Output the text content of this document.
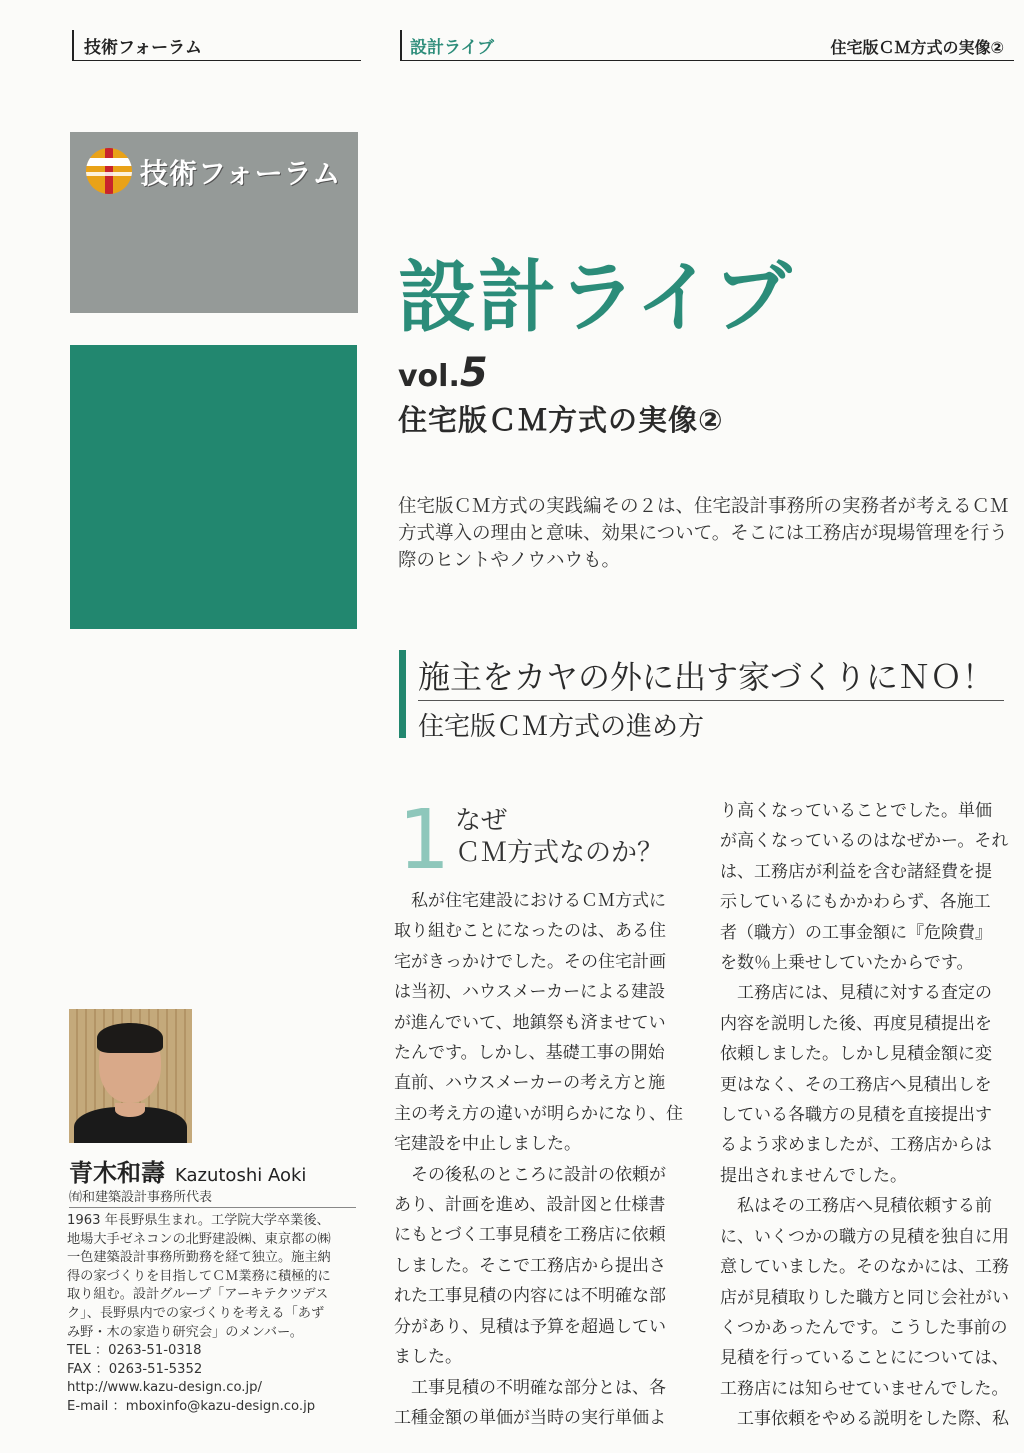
技術フォーラム	設計ライブ	住宅版ＣＭ方式の実像②
技術フォーラム
設計ライブ
vol.5
住宅版ＣＭ方式の実像②
住宅版ＣＭ方式の実践編その２は、住宅設計事務所の実務者が考えるＣＭ方式導入の理由と意味、効果について。そこには工務店が現場管理を行う際のヒントやノウハウも。
施主をカヤの外に出す家づくりにＮＯ！
住宅版ＣＭ方式の進め方
1 なぜ
ＣＭ方式なのか？

　私が住宅建設におけるＣＭ方式に

取り組むことになったのは、ある住

宅がきっかけでした。その住宅計画

は当初、ハウスメーカーによる建設

が進んでいて、地鎮祭も済ませてい

たんです。しかし、基礎工事の開始

直前、ハウスメーカーの考え方と施

主の考え方の違いが明らかになり、住

宅建設を中止しました。

　その後私のところに設計の依頼が

あり、計画を進め、設計図と仕様書

にもとづく工事見積を工務店に依頼

しました。そこで工務店から提出さ

れた工事見積の内容には不明確な部

分があり、見積は予算を超過してい

ました。

　工事見積の不明確な部分とは、各

工種金額の単価が当時の実行単価よ

り高くなっていることでした。単価

が高くなっているのはなぜかー。それ

は、工務店が利益を含む諸経費を提

示しているにもかかわらず、各施工

者（職方）の工事金額に『危険費』

を数％上乗せしていたからです。

　工務店には、見積に対する査定の

内容を説明した後、再度見積提出を

依頼しました。しかし見積金額に変

更はなく、その工務店へ見積出しを

している各職方の見積を直接提出す

るよう求めましたが、工務店からは

提出されませんでした。

　私はその工務店へ見積依頼する前

に、いくつかの職方の見積を独自に用

意していました。そのなかには、工務

店が見積取りした職方と同じ会社がい

くつかあったんです。こうした事前の

見積を行っていることにについては、

工務店には知らせていませんでした。

　工事依頼をやめる説明をした際、私

青木和壽 Kazutoshi Aoki
㈲和建築設計事務所代表

1963 年長野県生まれ。工学院大学卒業後、

地場大手ゼネコンの北野建設㈱、東京都の㈱

一色建築設計事務所勤務を経て独立。施主納

得の家づくりを目指してＣＭ業務に積極的に

取り組む。設計グループ「アーキテクツデス

ク」、長野県内での家づくりを考える「あず

み野・木の家造り研究会」のメンバー。

TEL ：0263-51-0318

FAX ：0263-51-5352

http://www.kazu-design.co.jp/

E-mail ：mboxinfo@kazu-design.co.jp
